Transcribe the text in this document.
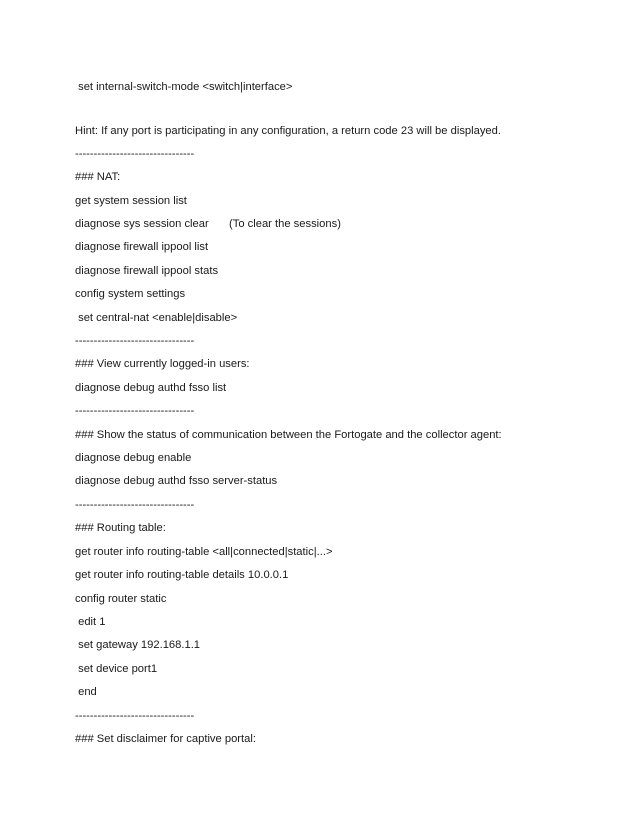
set internal-switch-mode <switch|interface>
Hint: If any port is participating in any configuration, a return code 23 will be displayed.
--------------------------------
### NAT:
get system session list
diagnose sys session clear (To clear the sessions)
diagnose firewall ippool list
diagnose firewall ippool stats
config system settings
set central-nat <enable|disable>
--------------------------------
### View currently logged-in users:
diagnose debug authd fsso list
--------------------------------
### Show the status of communication between the Fortogate and the collector agent:
diagnose debug enable
diagnose debug authd fsso server-status
--------------------------------
### Routing table:
get router info routing-table <all|connected|static|...>
get router info routing-table details 10.0.0.1
config router static
edit 1
set gateway 192.168.1.1
set device port1
end
--------------------------------
### Set disclaimer for captive portal:
